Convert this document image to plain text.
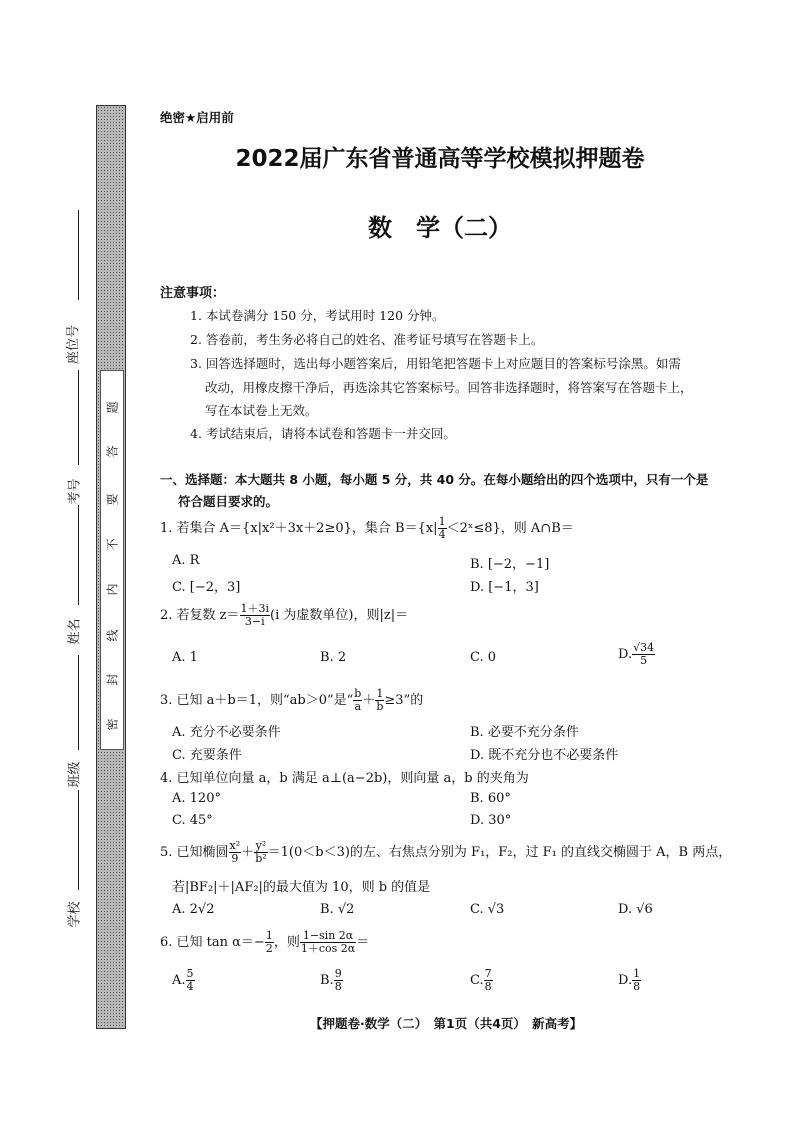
题
答
要
不
内
线
封
密
座位号
考号
姓名
班级
学校
绝密★启用前
2022届广东省普通高等学校模拟押题卷
数　学（二）
注意事项：
1. 本试卷满分 150 分，考试用时 120 分钟。
2. 答卷前，考生务必将自己的姓名、准考证号填写在答题卡上。
3. 回答选择题时，选出每小题答案后，用铅笔把答题卡上对应题目的答案标号涂黑。如需
改动，用橡皮擦干净后，再选涂其它答案标号。回答非选择题时，将答案写在答题卡上，
写在本试卷上无效。
4. 考试结束后，请将本试卷和答题卡一并交回。
一、选择题：本大题共 8 小题，每小题 5 分，共 40 分。在每小题给出的四个选项中，只有一个是
符合题目要求的。
1. 若集合 A＝{x|x²＋3x＋2≥0}，集合 $B=\{x| \frac{1}{4}$ ＜2ˣ≤8}，则 A∩B＝
A. R	B. [−2，−1]
C. [−2，3]	D. [−1，3]
2. 若复数 $z= \frac{1+3i}{3-i} (i$ 为虚数单位)，则|z|＝
A. 1	B. 2	C. 0	D. $\frac{√34}{5}$
3. 已知 a＋b＝1，则“ab＞0”是“ $\frac{b}{a} + \frac{1}{b} \ge 3$”的
A. 充分不必要条件	B. 必要不充分条件
C. 充要条件	D. 既不充分也不必要条件
4. 已知单位向量 a，b 满足 a⊥(a−2b)，则向量 a，b 的夹角为
A. 120°	B. 60°
C. 45°	D. 30°
5. 已知椭圆 $\frac{\text{x²}}{9} + \frac{\text{y²}}{\text{b²}} =1(0<b<3)$的左、右焦点分别为 F₁，F₂，过 F₁ 的直线交椭圆于 A，B 两点，
若|BF₂|＋|AF₂|的最大值为 10，则 b 的值是
A. 2√2	B. √2	C. √3	D. √6
6. 已知 $\tan \alpha=- \frac{1}{2}$ ，则 $\frac{1-\sin 2\alpha}{1+\cos 2\alpha}$ ＝
A. $\frac{5}{4}$	B. $\frac{9}{8}$	C. $\frac{7}{8}$	D. $\frac{1}{8}$
【押题卷·数学（二）　第1页（共4页）　新高考】
